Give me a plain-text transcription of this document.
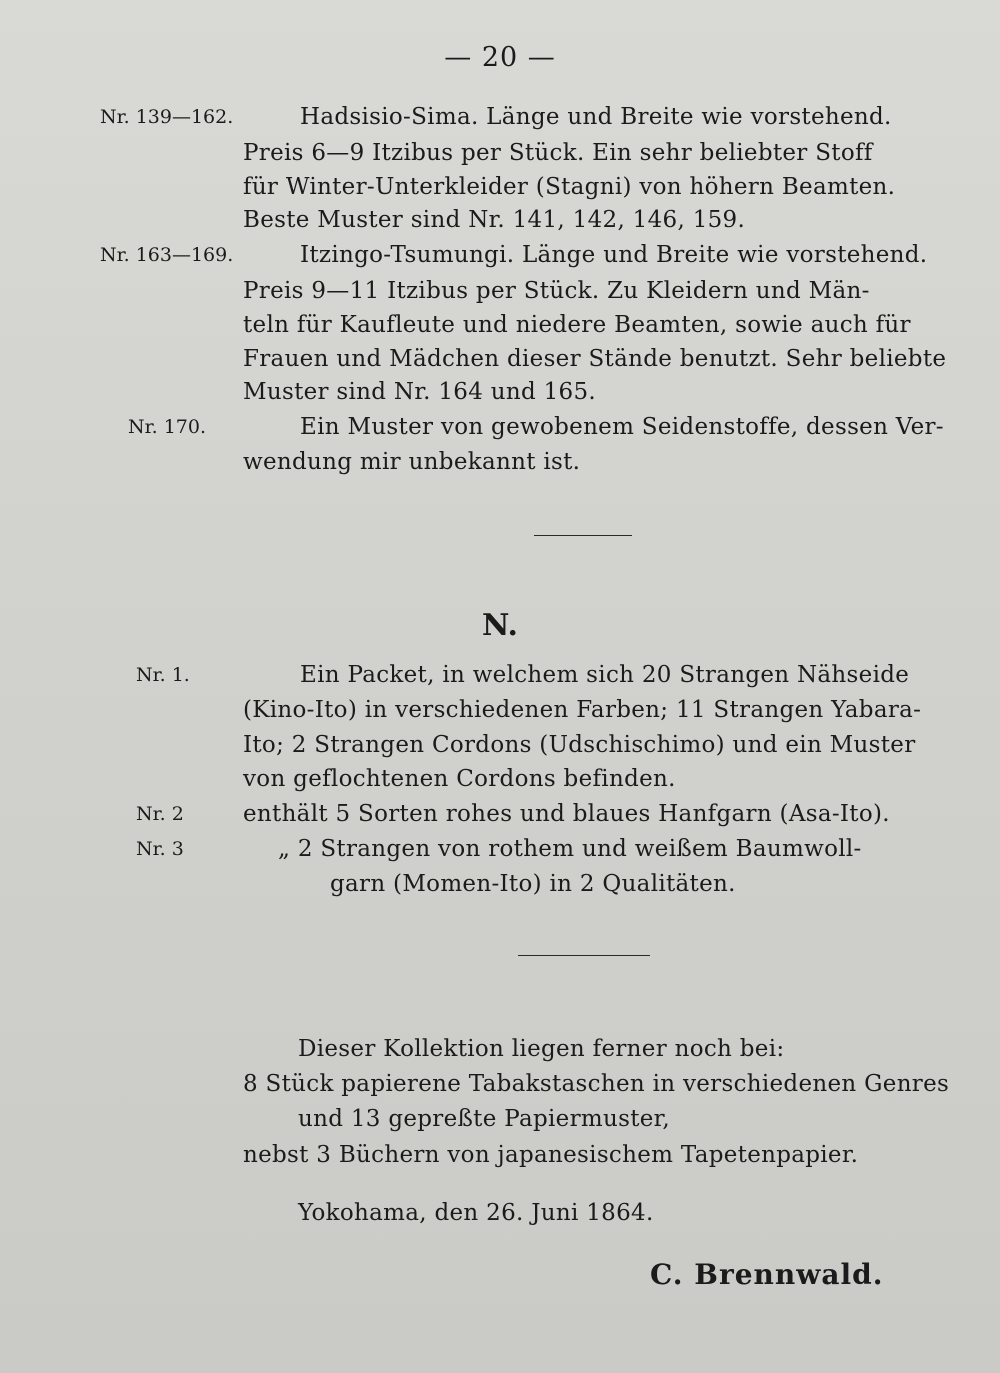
— 20 —
Nr. 139—162.	Hadsisio-Sima. Länge und Breite wie vorstehend.
Preis 6—9 Itzibus per Stück. Ein sehr beliebter Stoff
für Winter-Unterkleider (Stagni) von höhern Beamten.
Beste Muster sind Nr. 141, 142, 146, 159.
Nr. 163—169.	Itzingo-Tsumungi. Länge und Breite wie vorstehend.
Preis 9—11 Itzibus per Stück. Zu Kleidern und Män-
teln für Kaufleute und niedere Beamten, sowie auch für
Frauen und Mädchen dieser Stände benutzt. Sehr beliebte
Muster sind Nr. 164 und 165.
Nr. 170.	Ein Muster von gewobenem Seidenstoffe, dessen Ver-
wendung mir unbekannt ist.
N.
Nr. 1.	Ein Packet, in welchem sich 20 Strangen Nähseide
(Kino-Ito) in verschiedenen Farben; 11 Strangen Yabara-
Ito; 2 Strangen Cordons (Udschischimo) und ein Muster
von geflochtenen Cordons befinden.
Nr. 2	enthält 5 Sorten rohes und blaues Hanfgarn (Asa-Ito).
Nr. 3	„ 2 Strangen von rothem und weißem Baumwoll-
garn (Momen-Ito) in 2 Qualitäten.
Dieser Kollektion liegen ferner noch bei:
8 Stück papierene Tabakstaschen in verschiedenen Genres
und 13 gepreßte Papiermuster,
nebst 3 Büchern von japanesischem Tapetenpapier.
Yokohama, den 26. Juni 1864.
C. Brennwald.
